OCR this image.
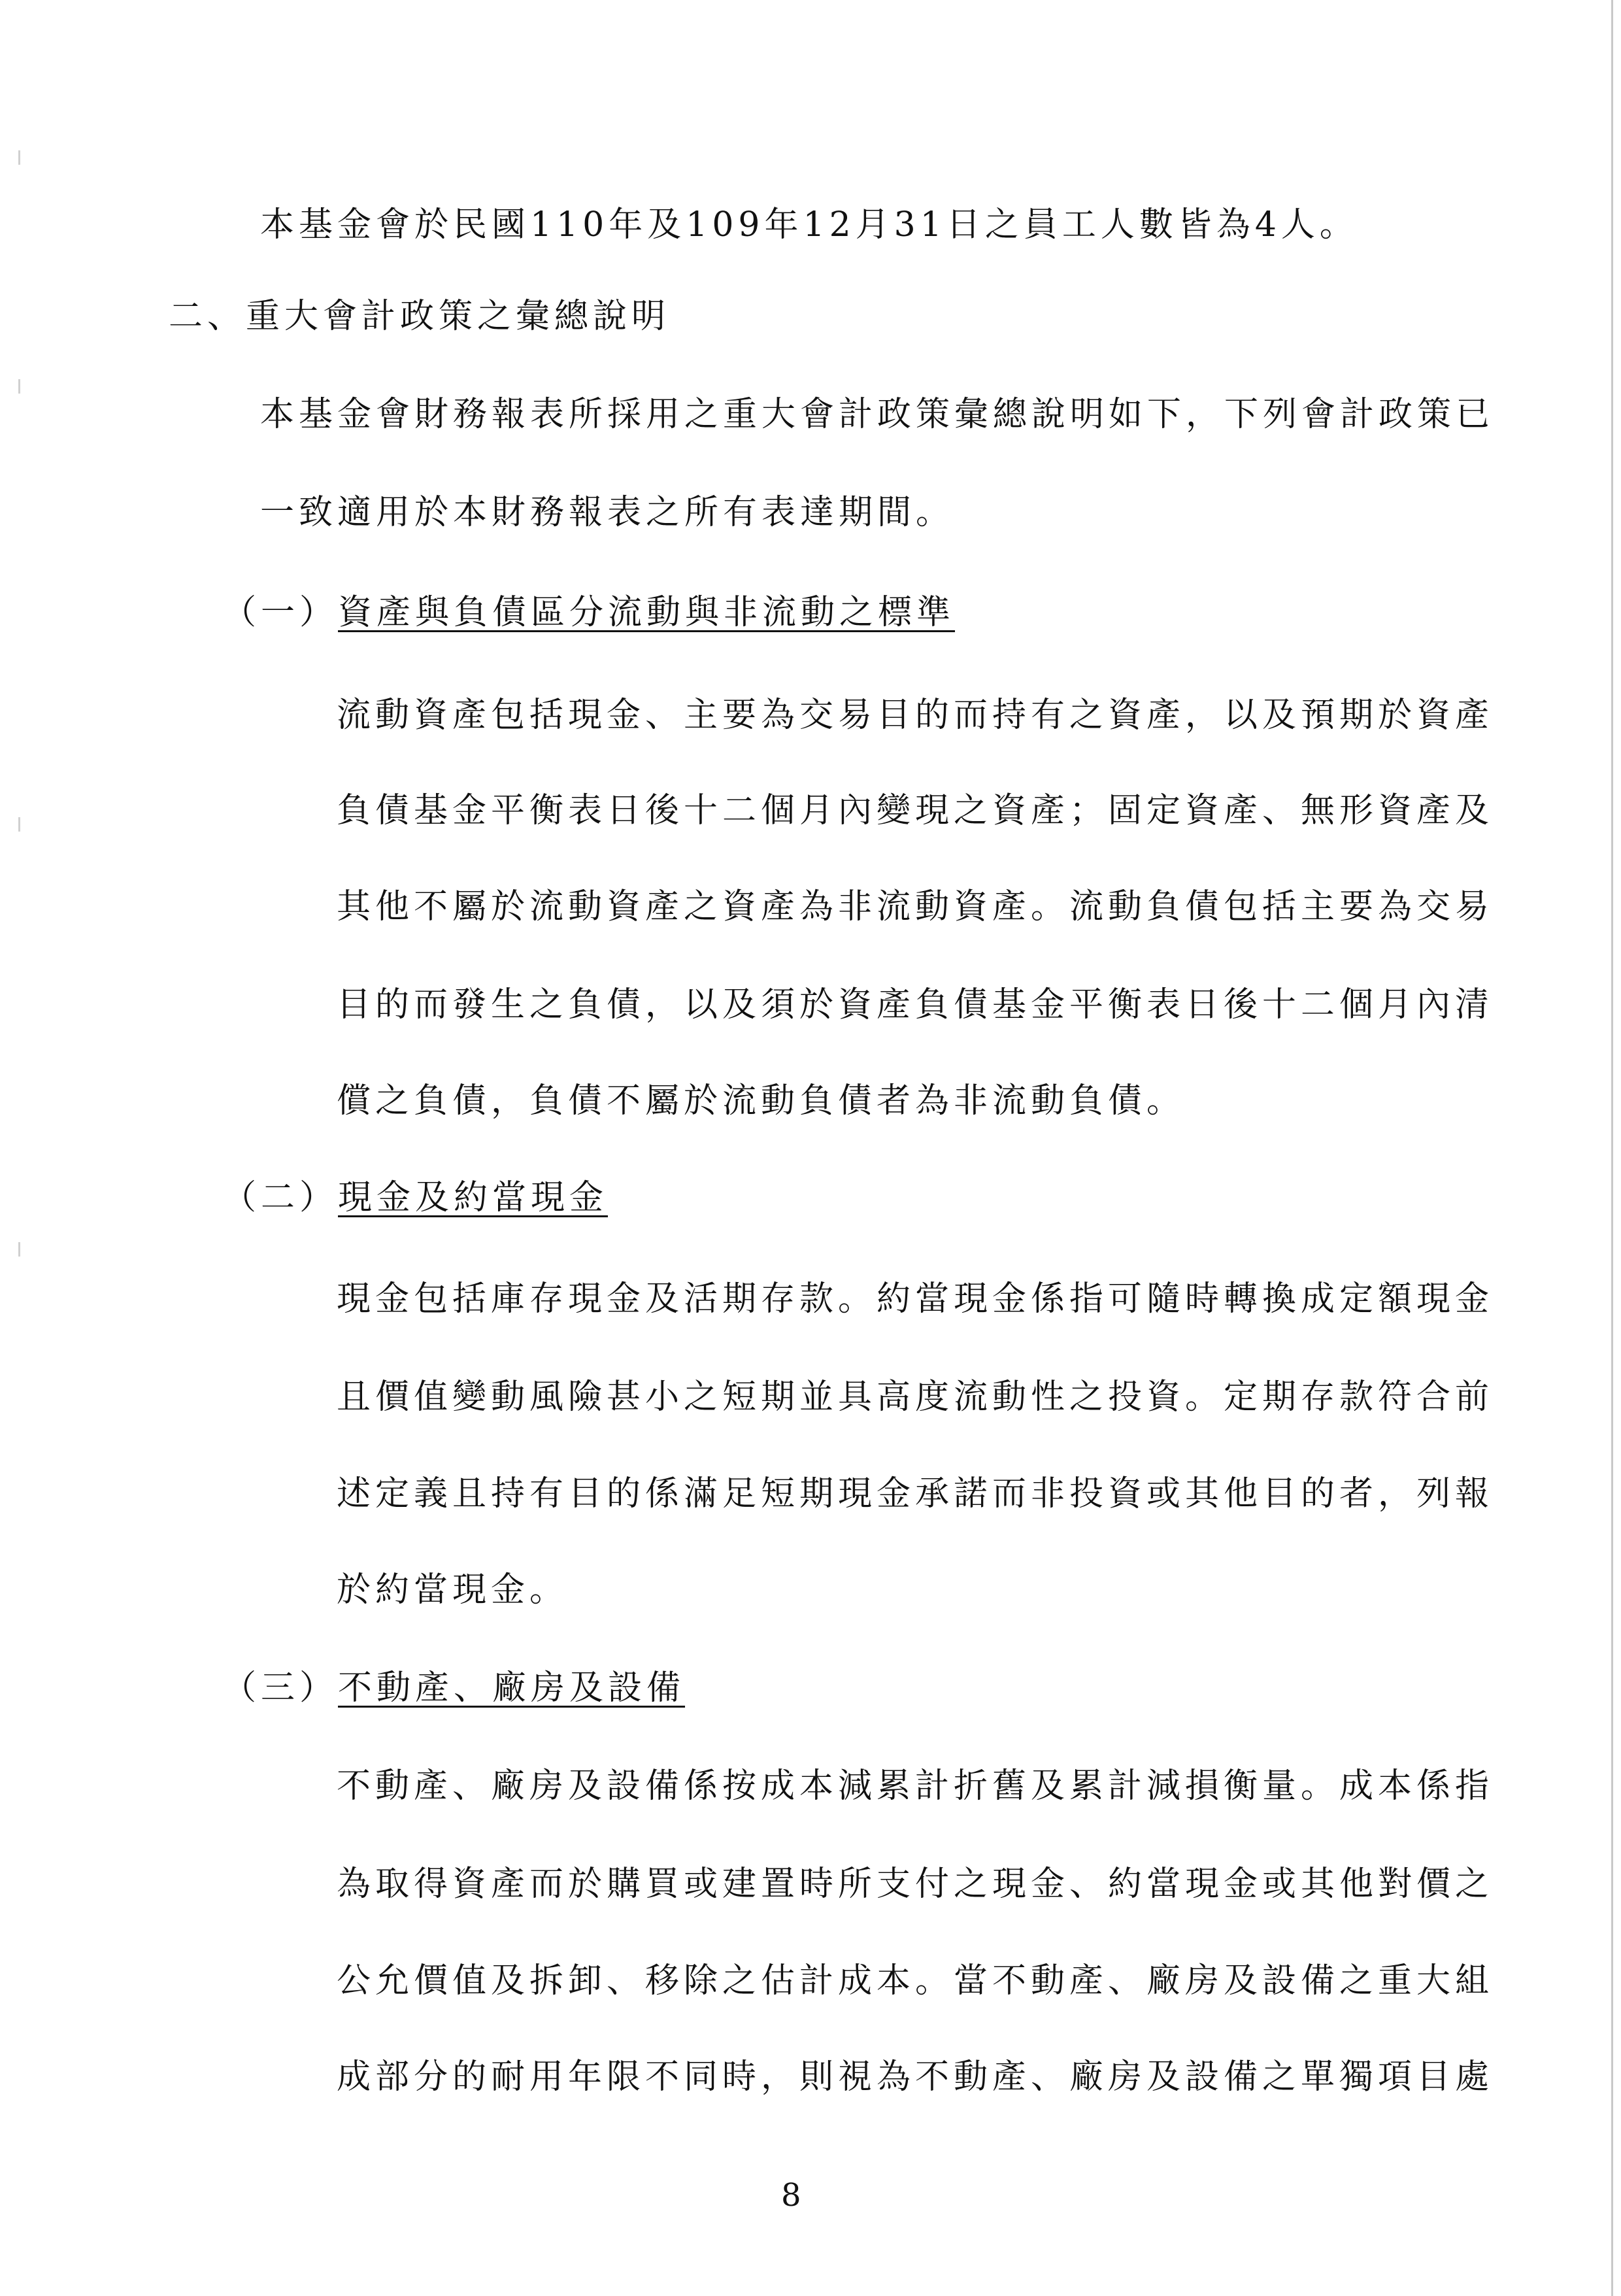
本基金會於民國110年及109年12月31日之員工人數皆為4人。
二、重大會計政策之彙總說明
本基金會財務報表所採用之重大會計政策彙總說明如下，下列會計政策已
一致適用於本財務報表之所有表達期間。
（一）資產與負債區分流動與非流動之標準
流動資產包括現金、主要為交易目的而持有之資產，以及預期於資產
負債基金平衡表日後十二個月內變現之資產；固定資產、無形資產及
其他不屬於流動資產之資產為非流動資產。流動負債包括主要為交易
目的而發生之負債，以及須於資產負債基金平衡表日後十二個月內清
償之負債，負債不屬於流動負債者為非流動負債。
（二）現金及約當現金
現金包括庫存現金及活期存款。約當現金係指可隨時轉換成定額現金
且價值變動風險甚小之短期並具高度流動性之投資。定期存款符合前
述定義且持有目的係滿足短期現金承諾而非投資或其他目的者，列報
於約當現金。
（三）不動產、廠房及設備
不動產、廠房及設備係按成本減累計折舊及累計減損衡量。成本係指
為取得資產而於購買或建置時所支付之現金、約當現金或其他對價之
公允價值及拆卸、移除之估計成本。當不動產、廠房及設備之重大組
成部分的耐用年限不同時，則視為不動產、廠房及設備之單獨項目處
8
